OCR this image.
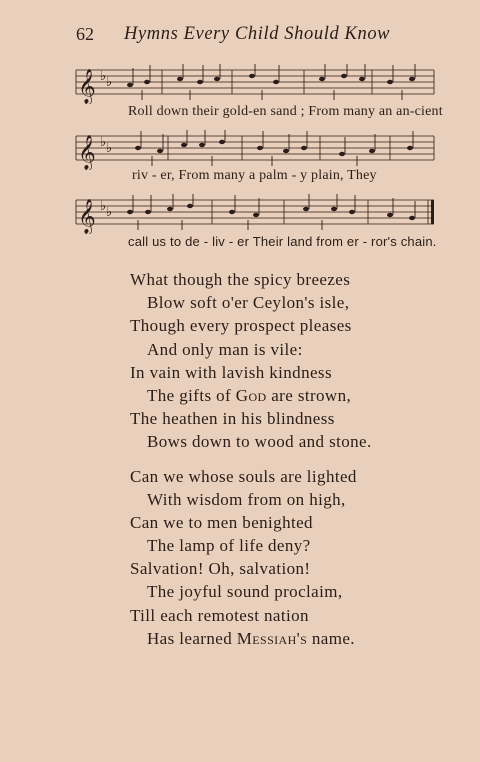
62 Hymns Every Child Should Know
𝄞 ♭ ♭
Roll down their gold-en sand ; From many an an-cient
𝄞 ♭ ♭
riv - er, From many a palm - y plain, They
𝄞 ♭ ♭
call us to de - liv - er Their land from er - ror's chain.
What though the spicy breezes
Blow soft o'er Ceylon's isle,
Though every prospect pleases
And only man is vile:
In vain with lavish kindness
The gifts of God are strown,
The heathen in his blindness
Bows down to wood and stone.
Can we whose souls are lighted
With wisdom from on high,
Can we to men benighted
The lamp of life deny?
Salvation! Oh, salvation!
The joyful sound proclaim,
Till each remotest nation
Has learned Messiah's name.
